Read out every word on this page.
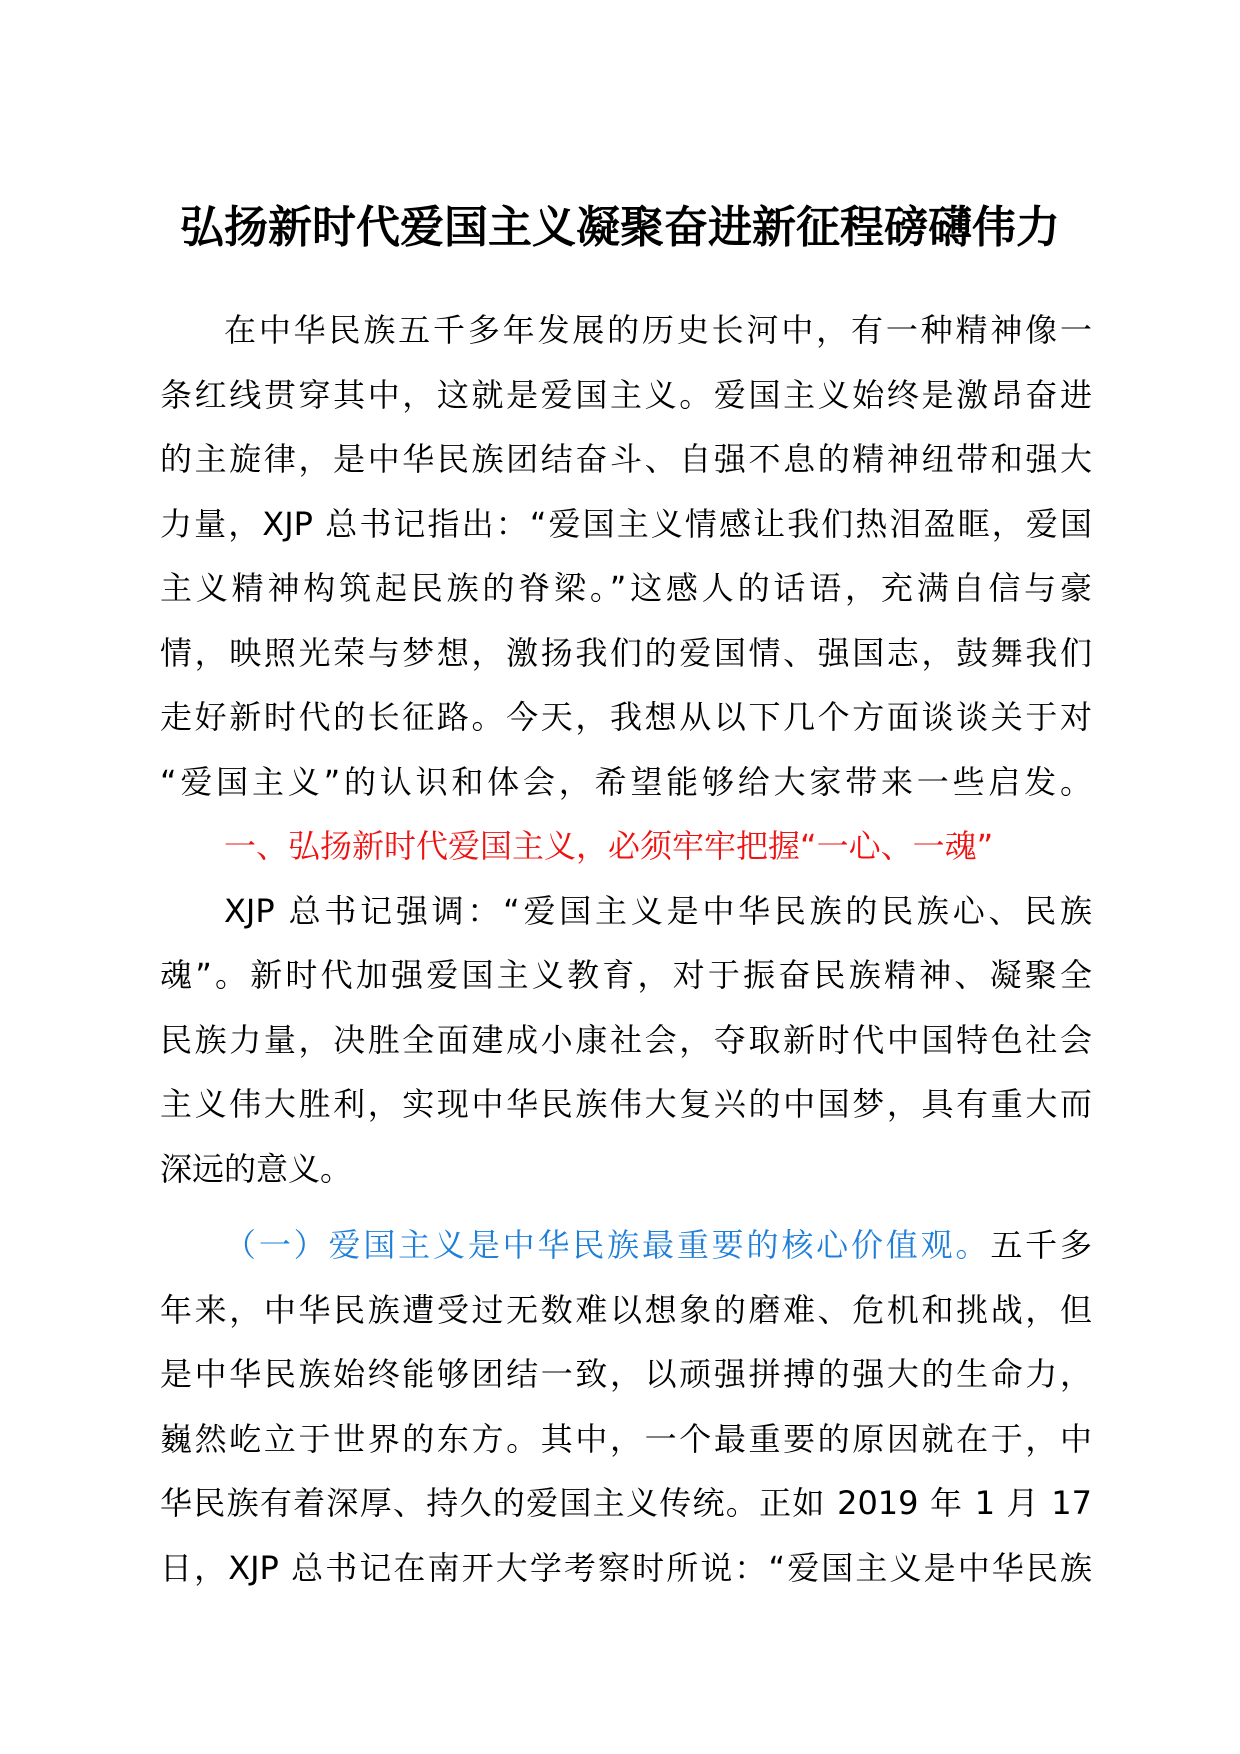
弘扬新时代爱国主义凝聚奋进新征程磅礴伟力
在中华民族五千多年发展的历史长河中，有一种精神像一
条红线贯穿其中，这就是爱国主义。爱国主义始终是激昂奋进
的主旋律，是中华民族团结奋斗、自强不息的精神纽带和强大
力量，XJP 总书记指出：“爱国主义情感让我们热泪盈眶，爱国
主义精神构筑起民族的脊梁。”这感人的话语，充满自信与豪
情，映照光荣与梦想，激扬我们的爱国情、强国志，鼓舞我们
走好新时代的长征路。今天，我想从以下几个方面谈谈关于对
“爱国主义”的认识和体会，希望能够给大家带来一些启发。
一、弘扬新时代爱国主义，必须牢牢把握“一心、一魂”
XJP 总书记强调：“爱国主义是中华民族的民族心、民族
魂”。新时代加强爱国主义教育，对于振奋民族精神、凝聚全
民族力量，决胜全面建成小康社会，夺取新时代中国特色社会
主义伟大胜利，实现中华民族伟大复兴的中国梦，具有重大而
深远的意义。
（一）爱国主义是中华民族最重要的核心价值观。五千多
年来，中华民族遭受过无数难以想象的磨难、危机和挑战，但
是中华民族始终能够团结一致，以顽强拼搏的强大的生命力，
巍然屹立于世界的东方。其中，一个最重要的原因就在于，中
华民族有着深厚、持久的爱国主义传统。正如 2019 年 1 月 17
日，XJP 总书记在南开大学考察时所说：“爱国主义是中华民族
